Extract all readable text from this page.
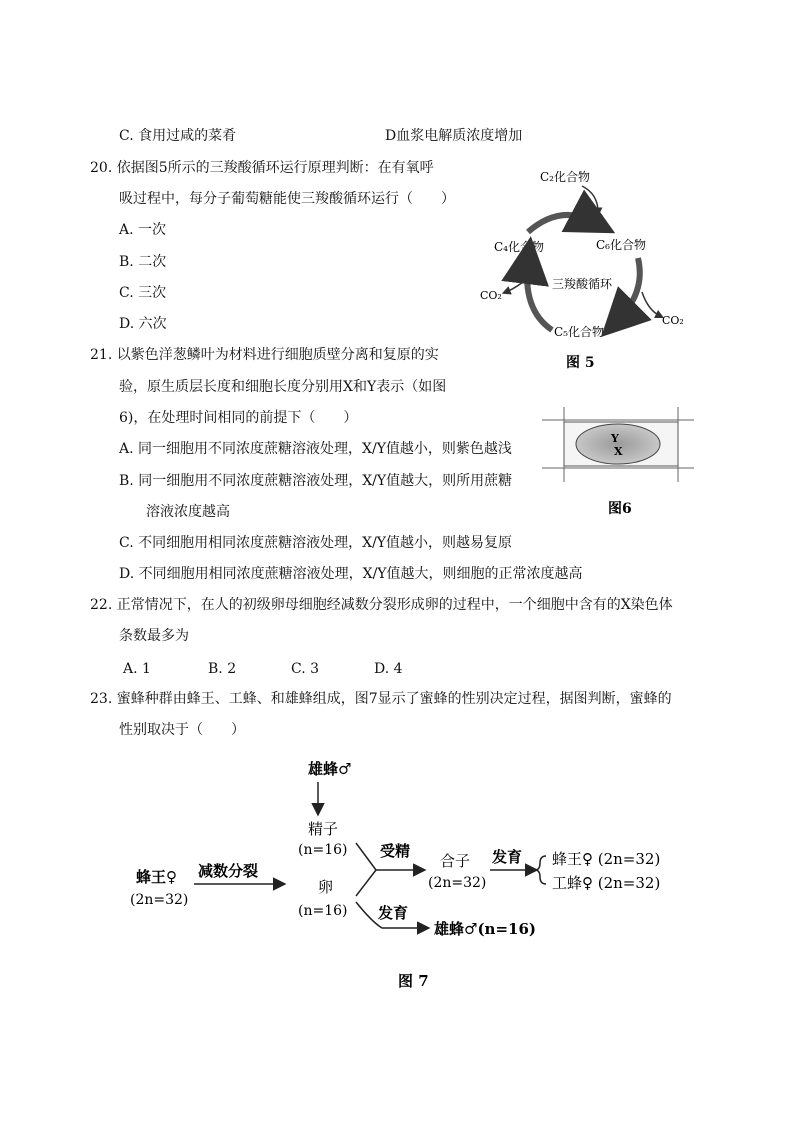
C. 食用过咸的菜肴	D血浆电解质浓度增加
20. 依据图5所示的三羧酸循环运行原理判断：在有氧呼
吸过程中，每分子葡萄糖能使三羧酸循环运行（　　）
A. 一次
B. 二次
C. 三次
D. 六次
C₂化合物
C₄化合物	C₆化合物
C₅化合物
CO₂
CO₂
三羧酸循环
图 5
21. 以紫色洋葱鳞叶为材料进行细胞质壁分离和复原的实
验，原生质层长度和细胞长度分别用X和Y表示（如图
6)，在处理时间相同的前提下（　　）
A. 同一细胞用不同浓度蔗糖溶液处理，X/Y值越小，则紫色越浅
B. 同一细胞用不同浓度蔗糖溶液处理，X/Y值越大，则所用蔗糖
溶液浓度越高
C. 不同细胞用相同浓度蔗糖溶液处理，X/Y值越小，则越易复原
D. 不同细胞用相同浓度蔗糖溶液处理，X/Y值越大，则细胞的正常浓度越高
Y
X
图6
22. 正常情况下，在人的初级卵母细胞经减数分裂形成卵的过程中，一个细胞中含有的X染色体
条数最多为
A. 1	B. 2	C. 3	D. 4
23. 蜜蜂种群由蜂王、工蜂、和雄蜂组成，图7显示了蜜蜂的性别决定过程，据图判断，蜜蜂的
性别取决于（　　）
雄蜂♂
精子
(n=16)
蜂王♀
(2n=32)
减数分裂
卵
(n=16)
受精
合子
(2n=32)
发育 蜂王♀ (2n=32)
工蜂♀ (2n=32)
发育
雄蜂♂(n=16)
图 7
